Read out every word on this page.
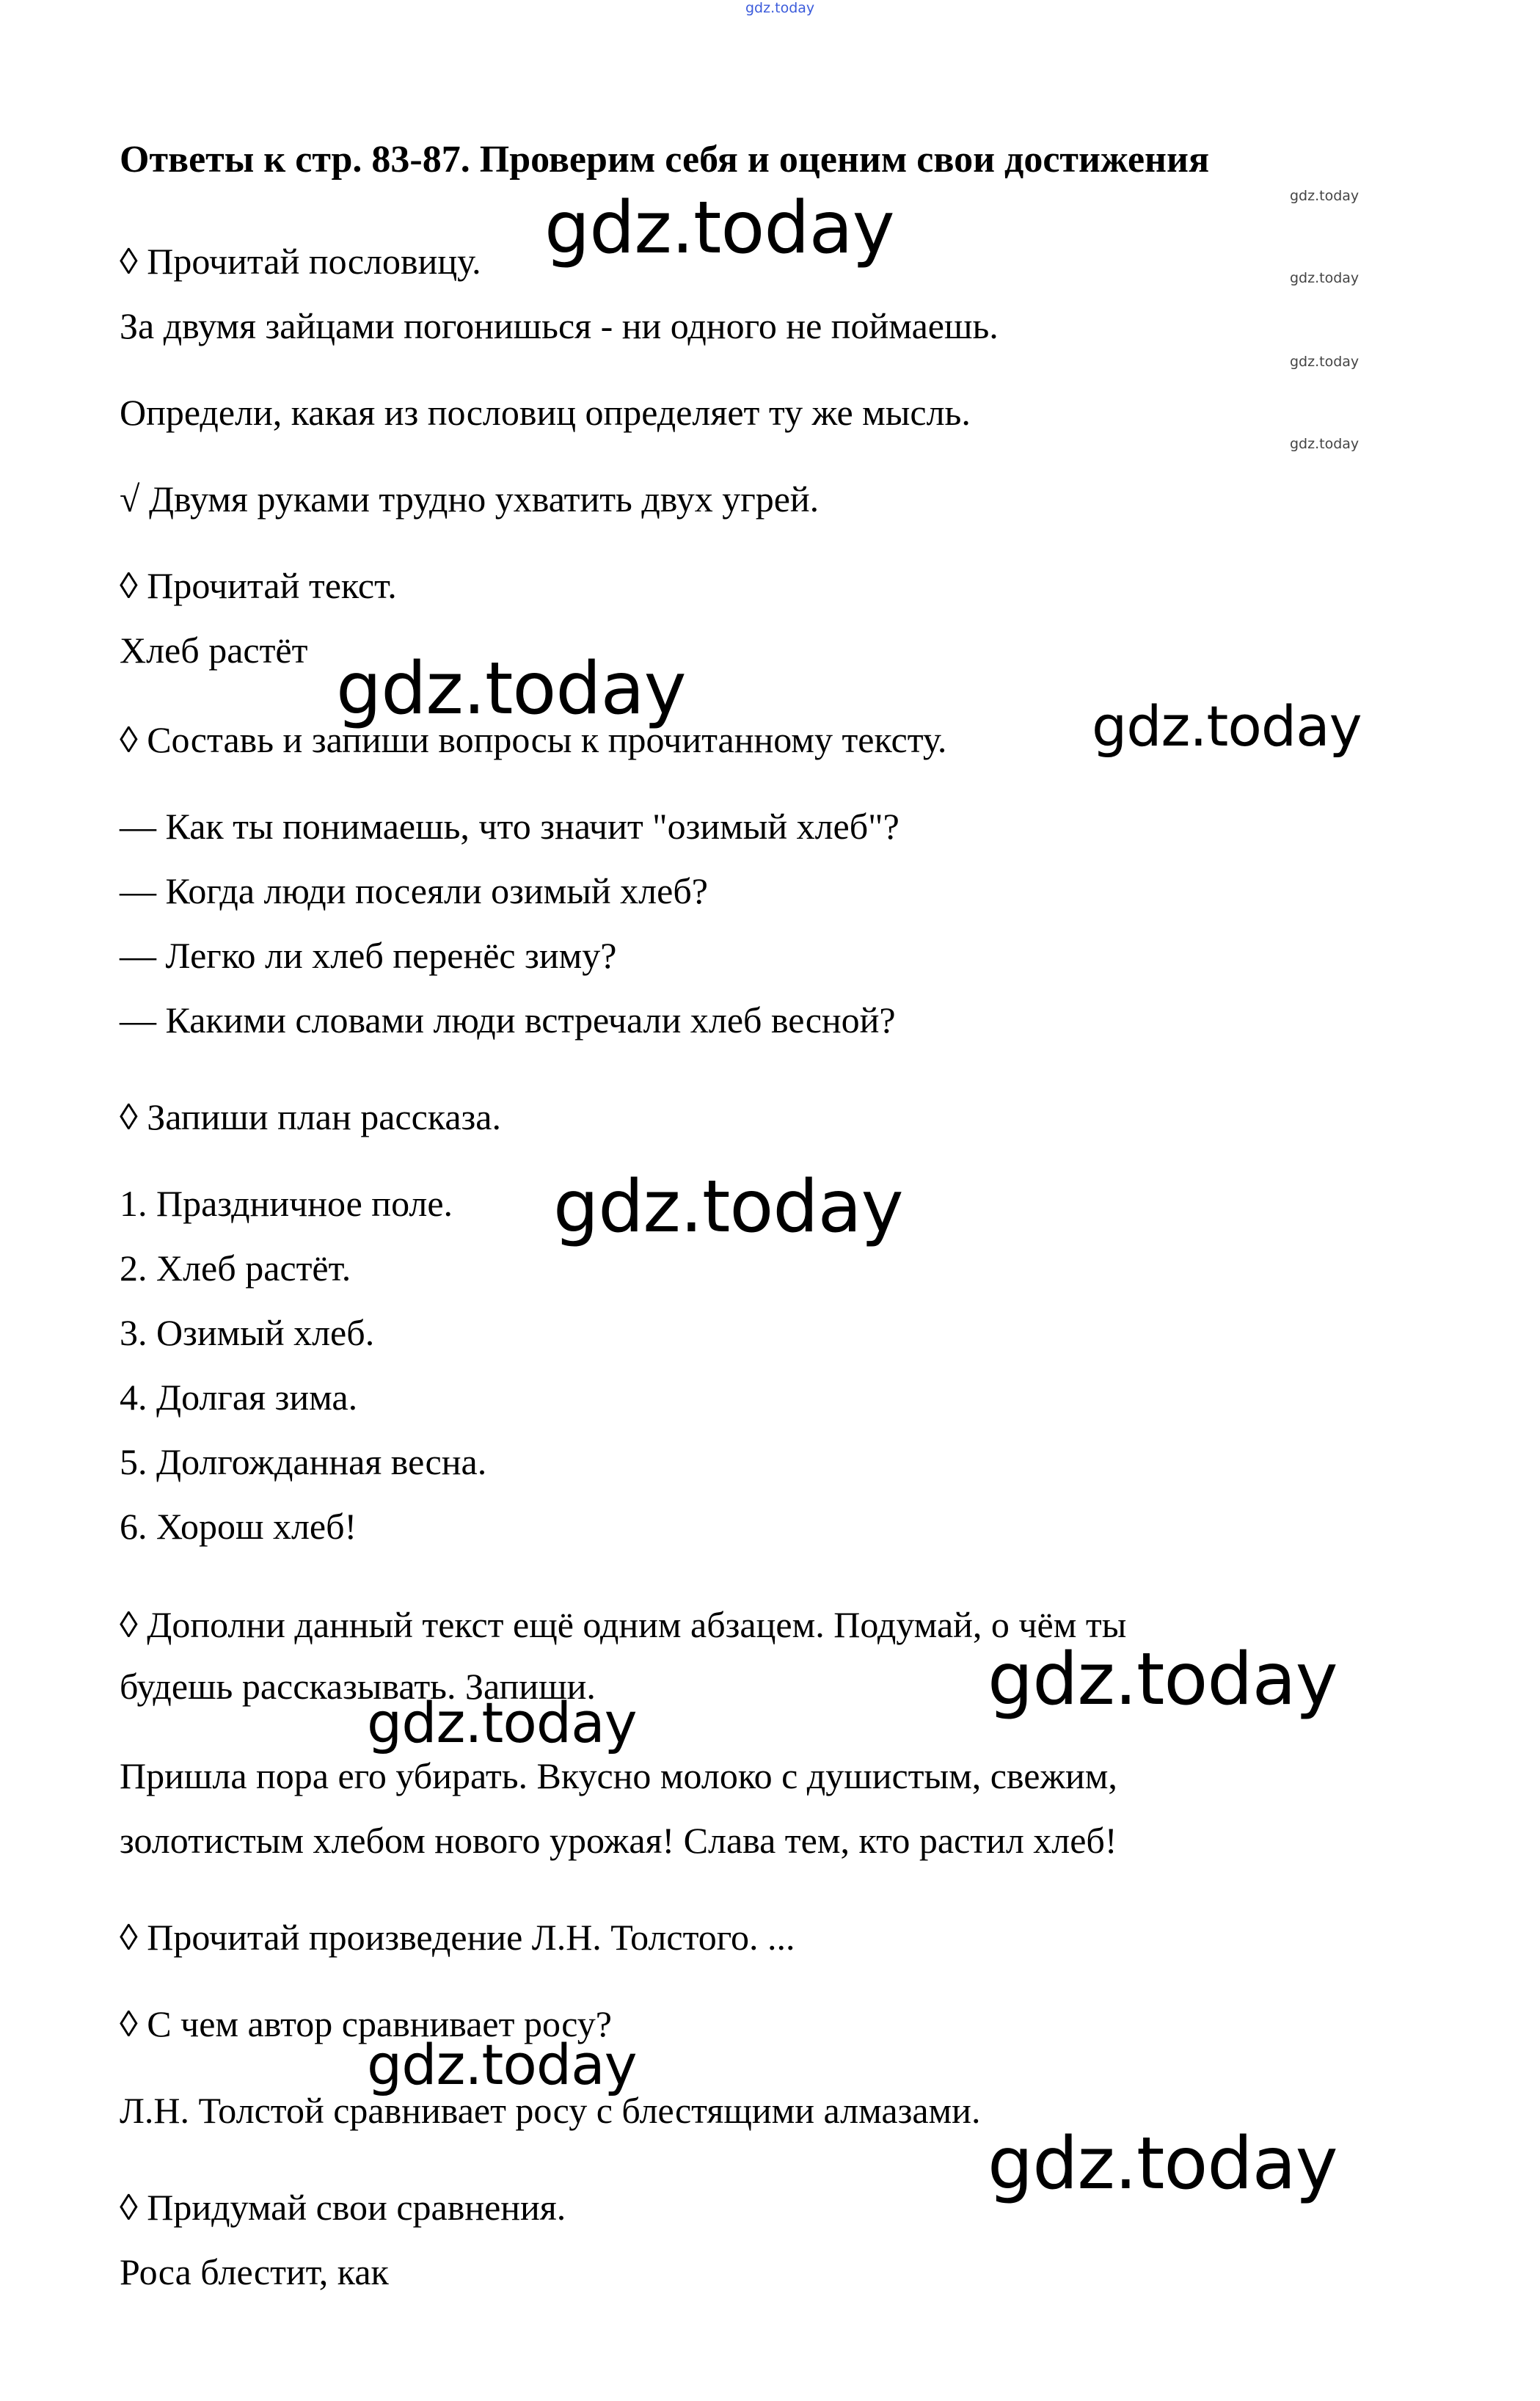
gdz.today

Ответы к стр. 83-87. Проверим себя и оценим свои достижения

◊ Прочитай пословицу.

За двумя зайцами погонишься - ни одного не поймаешь.

Определи, какая из пословиц определяет ту же мысль.

√ Двумя руками трудно ухватить двух угрей.

◊ Прочитай текст.

Хлеб растёт

◊ Составь и запиши вопросы к прочитанному тексту.

— Как ты понимаешь, что значит "озимый хлеб"?

— Когда люди посеяли озимый хлеб?

— Легко ли хлеб перенёс зиму?

— Какими словами люди встречали хлеб весной?

◊ Запиши план рассказа.

1. Праздничное поле.

2. Хлеб растёт.

3. Озимый хлеб.

4. Долгая зима.

5. Долгожданная весна.

6. Хорош хлеб!

◊ Дополни данный текст ещё одним абзацем. Подумай, о чём ты

будешь рассказывать. Запиши.

Пришла пора его убирать. Вкусно молоко с душистым, свежим,

золотистым хлебом нового урожая! Слава тем, кто растил хлеб!

◊ Прочитай произведение Л.Н. Толстого. ...

◊ С чем автор сравнивает росу?

Л.Н. Толстой сравнивает росу с блестящими алмазами.

◊ Придумай свои сравнения.

Роса блестит, как

gdz.today
gdz.today
gdz.today
gdz.today
gdz.today
gdz.today	gdz.today
gdz.today
gdz.today
gdz.today
gdz.today
gdz.today
